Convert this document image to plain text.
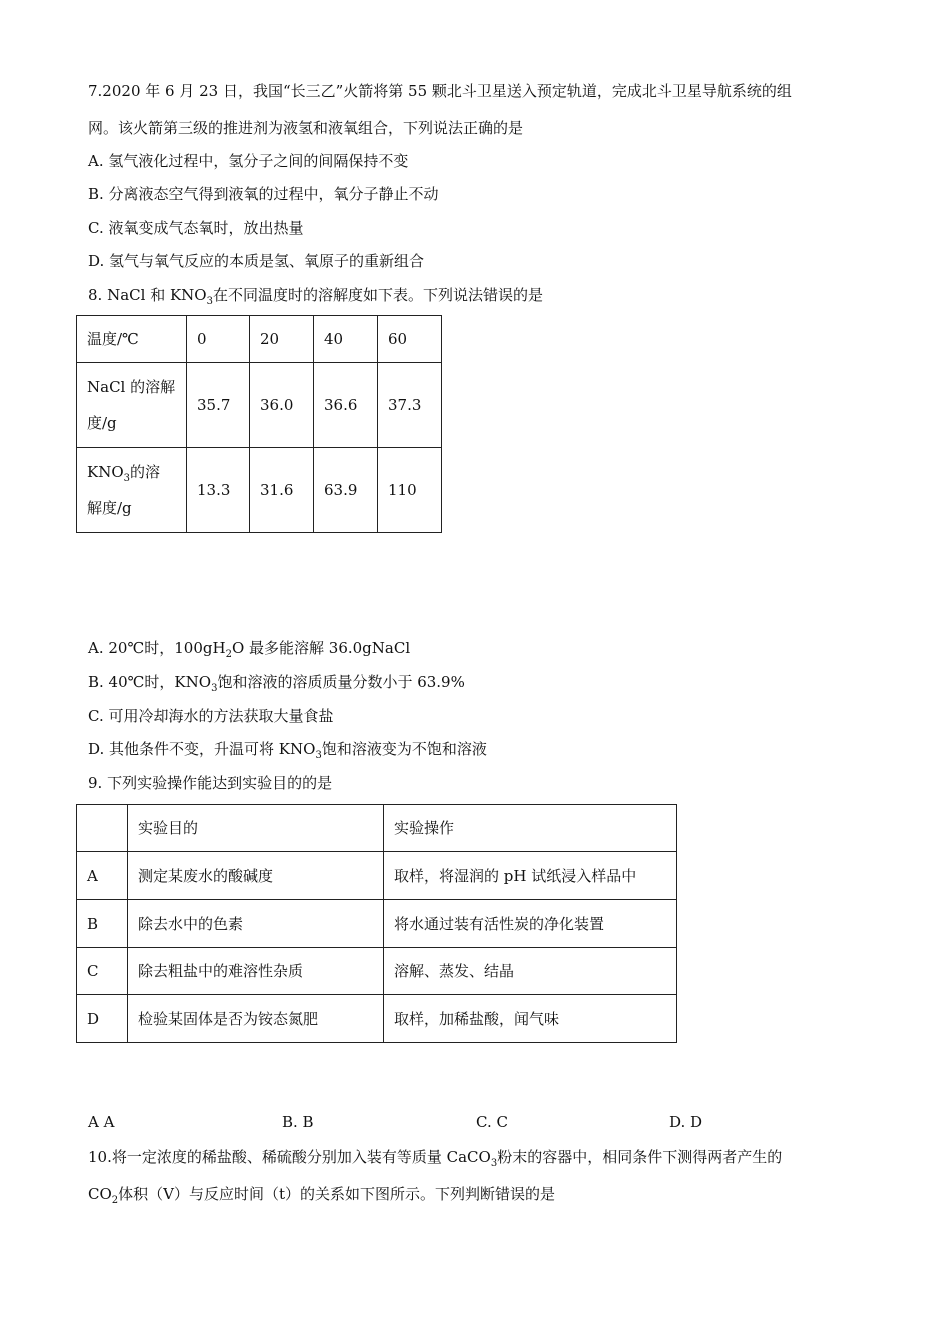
7.2020 年 6 月 23 日，我国“长三乙”火箭将第 55 颗北斗卫星送入预定轨道，完成北斗卫星导航系统的组
网。该火箭第三级的推进剂为液氢和液氧组合，下列说法正确的是
A. 氢气液化过程中，氢分子之间的间隔保持不变
B. 分离液态空气得到液氧的过程中，氧分子静止不动
C. 液氧变成气态氧时，放出热量
D. 氢气与氧气反应的本质是氢、氧原子的重新组合
8. NaCl 和 $KNO_3$在不同温度时的溶解度如下表。下列说法错误的是
温度/℃	0	20	40	60

NaCl 的溶解
度/g	35.7	36.0	36.6	37.3

$KNO_3$的溶
解度/g	13.3	31.6	63.9	110
A. 20℃时，$100gH_2O$ 最多能溶解 36.0gNaCl
B. 40℃时，$KNO_3$饱和溶液的溶质质量分数小于 63.9%
C. 可用冷却海水的方法获取大量食盐
D. 其他条件不变，升温可将 $KNO_3$饱和溶液变为不饱和溶液
9. 下列实验操作能达到实验目的的是
	实验目的	实验操作
A	测定某废水的酸碱度	取样，将湿润的 pH 试纸浸入样品中
B	除去水中的色素	将水通过装有活性炭的净化装置
C	除去粗盐中的难溶性杂质	溶解、蒸发、结晶
D	检验某固体是否为铵态氮肥	取样，加稀盐酸，闻气味
A A	B. B	C. C	D. D
10.将一定浓度的稀盐酸、稀硫酸分别加入装有等质量 CaCO$_3$粉末的容器中，相同条件下测得两者产生的
$CO_2$体积（V）与反应时间（t）的关系如下图所示。下列判断错误的是
